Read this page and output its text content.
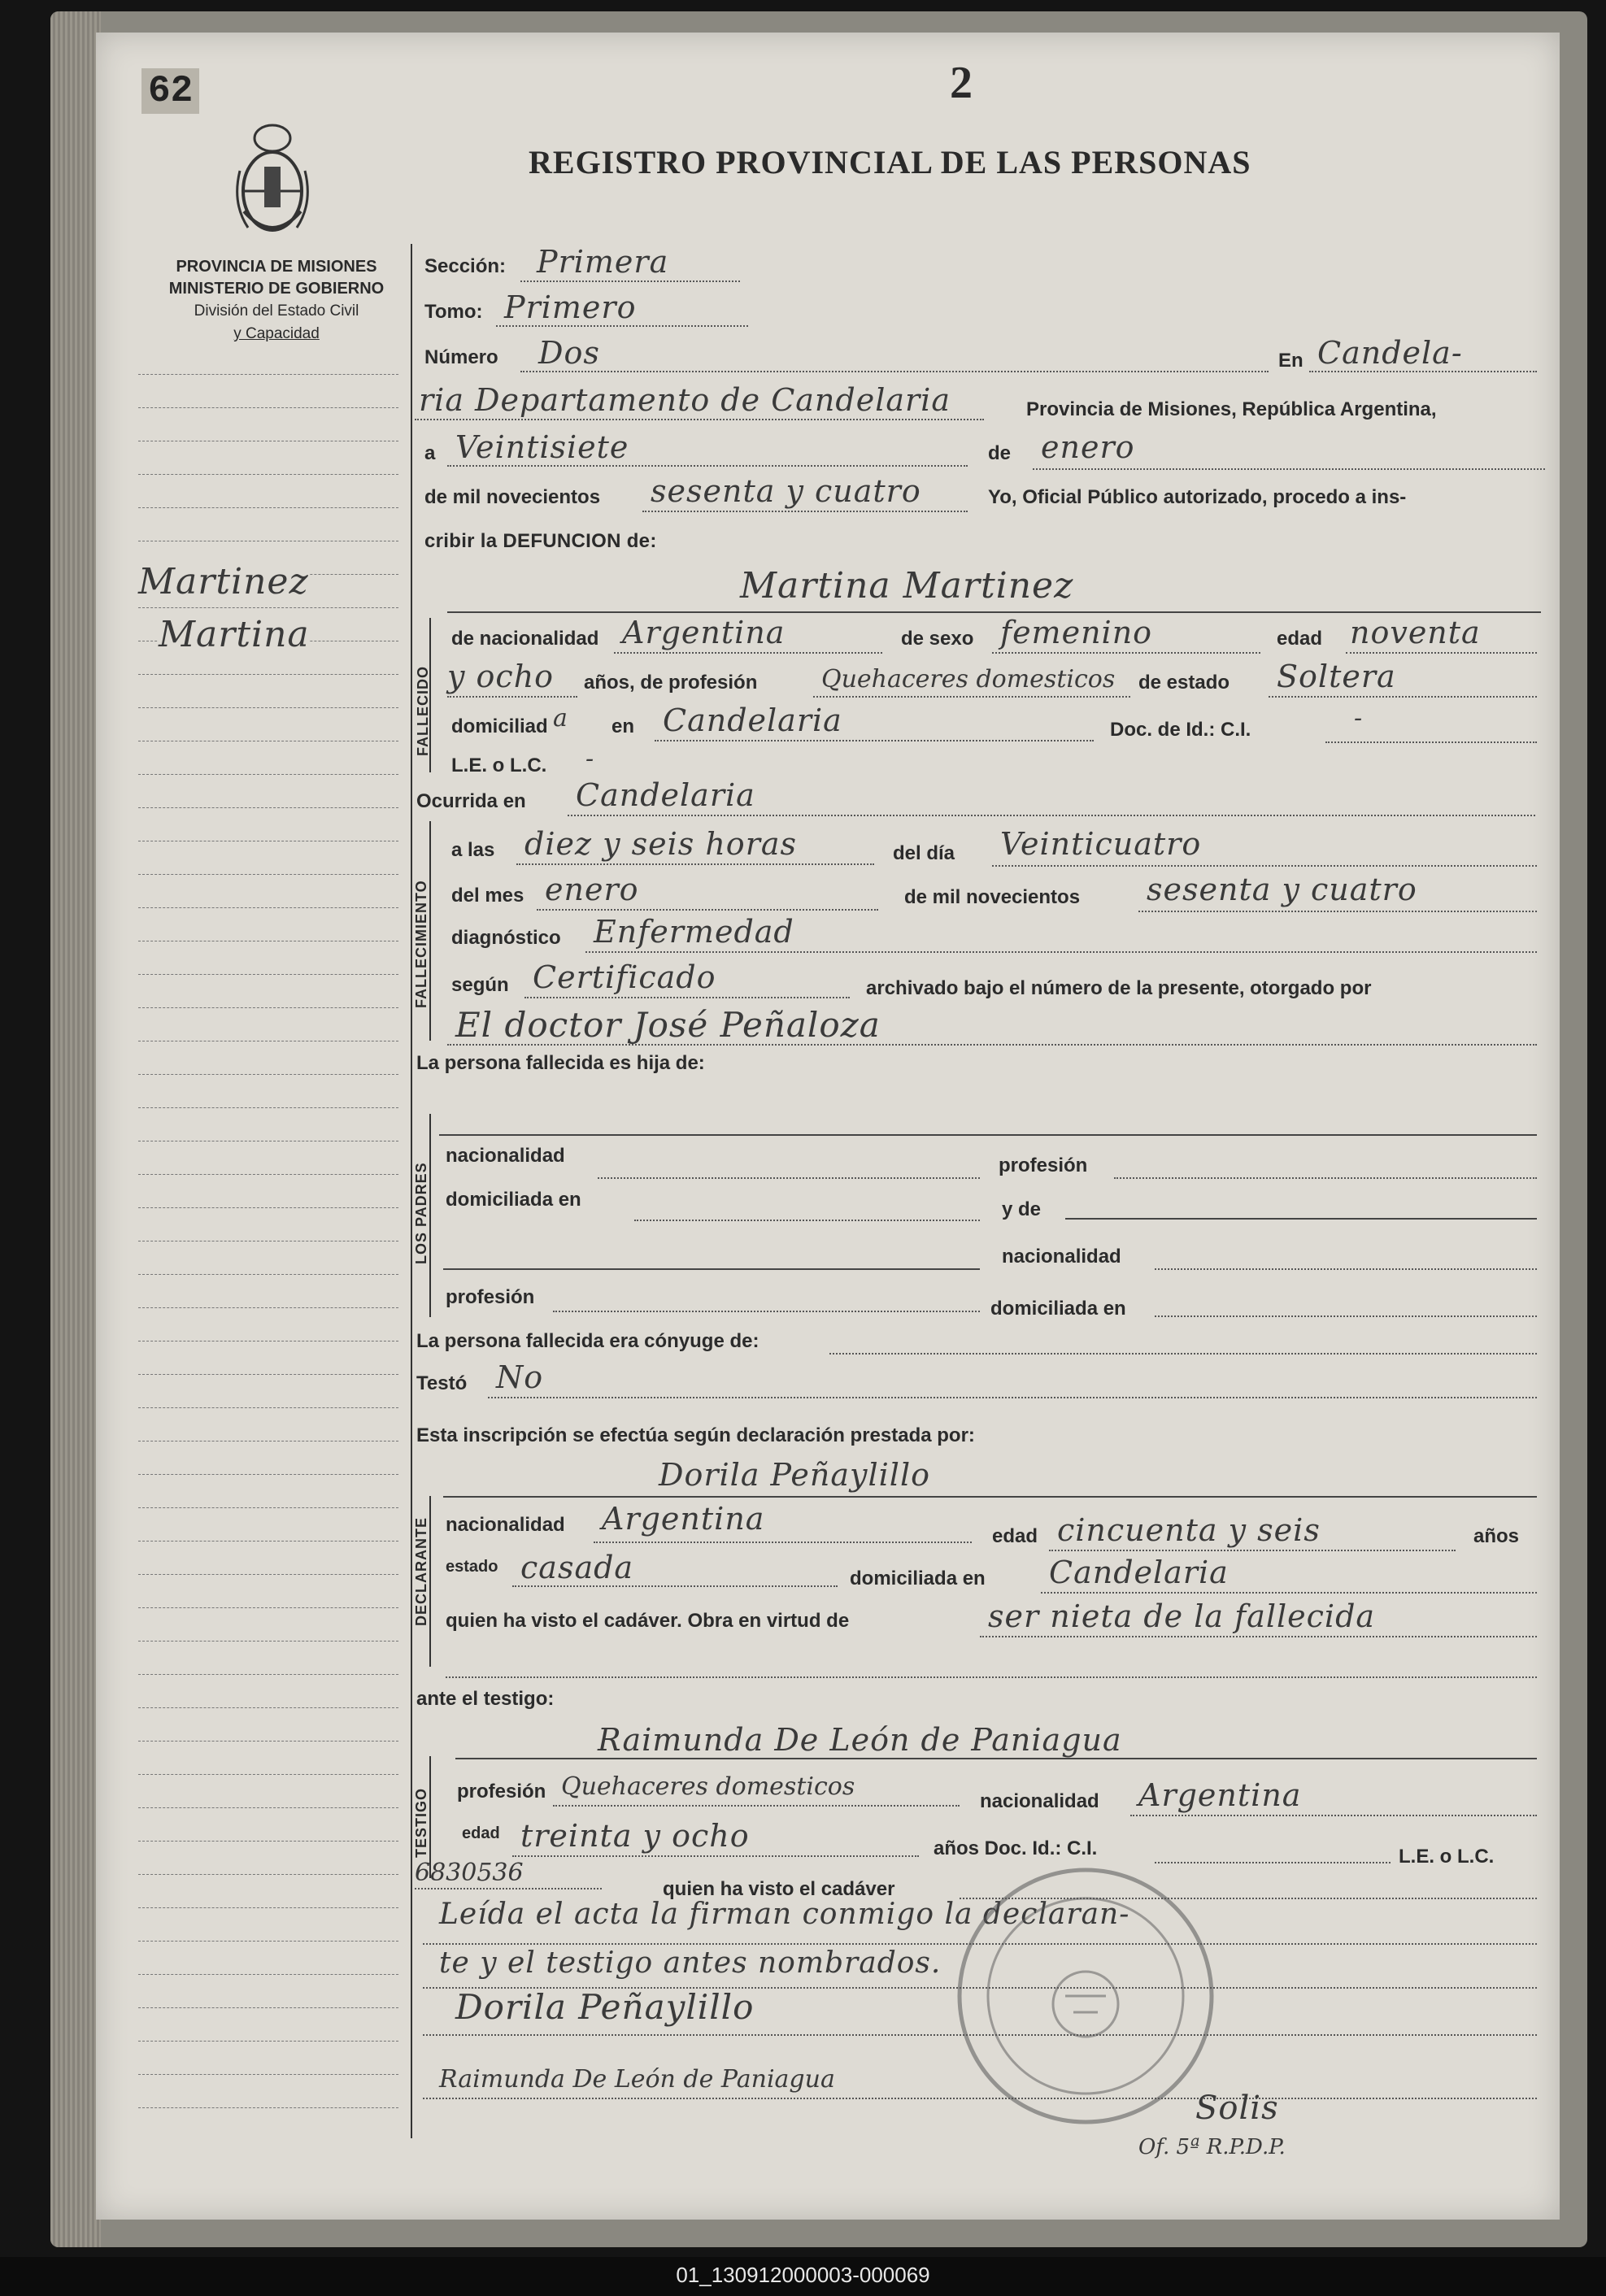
62	2
REGISTRO PROVINCIAL DE LAS PERSONAS
PROVINCIA DE MISIONES
MINISTERIO DE GOBIERNO
División del Estado Civil
y Capacidad
Martinez
Martina
Sección: Primera
Tomo: Primero
Número Dos	En Candela-
ria Departamento de Candelaria	Provincia de Misiones, República Argentina,
a Veintisiete	de enero
de mil novecientos sesenta y cuatro	Yo, Oficial Público autorizado, procedo a ins-
cribir la DEFUNCION de:
FALLECIDO
Martina Martinez
de nacionalidad Argentina	de sexo femenino	edad noventa
y ocho años, de profesión	Quehaceres domesticos de estado Soltera
domiciliad a en Candelaria	Doc. de Id.: C.I.	-
L.E. o L.C. -
Ocurrida en Candelaria
FALLECIMIENTO
a las diez y seis horas	del día Veinticuatro
del mes enero	de mil novecientos sesenta y cuatro
diagnóstico Enfermedad
según Certificado	archivado bajo el número de la presente, otorgado por
El doctor José Peñaloza
La persona fallecida es hija de:
LOS PADRES
nacionalidad	profesión
domiciliada en	y de
nacionalidad
profesión
domiciliada en
La persona fallecida era cónyuge de:
Testó No
Esta inscripción se efectúa según declaración prestada por:
DECLARANTE
Dorila Peñaylillo
nacionalidad Argentina	edad cincuenta y seis	años
estado casada	domiciliada en Candelaria
quien ha visto el cadáver. Obra en virtud de	ser nieta de la fallecida
ante el testigo:
TESTIGO
Raimunda De León de Paniagua
profesión Quehaceres domesticos
nacionalidad Argentina
edad treinta y ocho	años Doc. Id.: C.I.	L.E. o L.C.
6830536
quien ha visto el cadáver
Leída el acta la firman conmigo la declaran-
te y el testigo antes nombrados.
Dorila Peñaylillo
Raimunda De León de Paniagua
Solis
Of. 5ª R.P.D.P.
01_130912000003-000069
